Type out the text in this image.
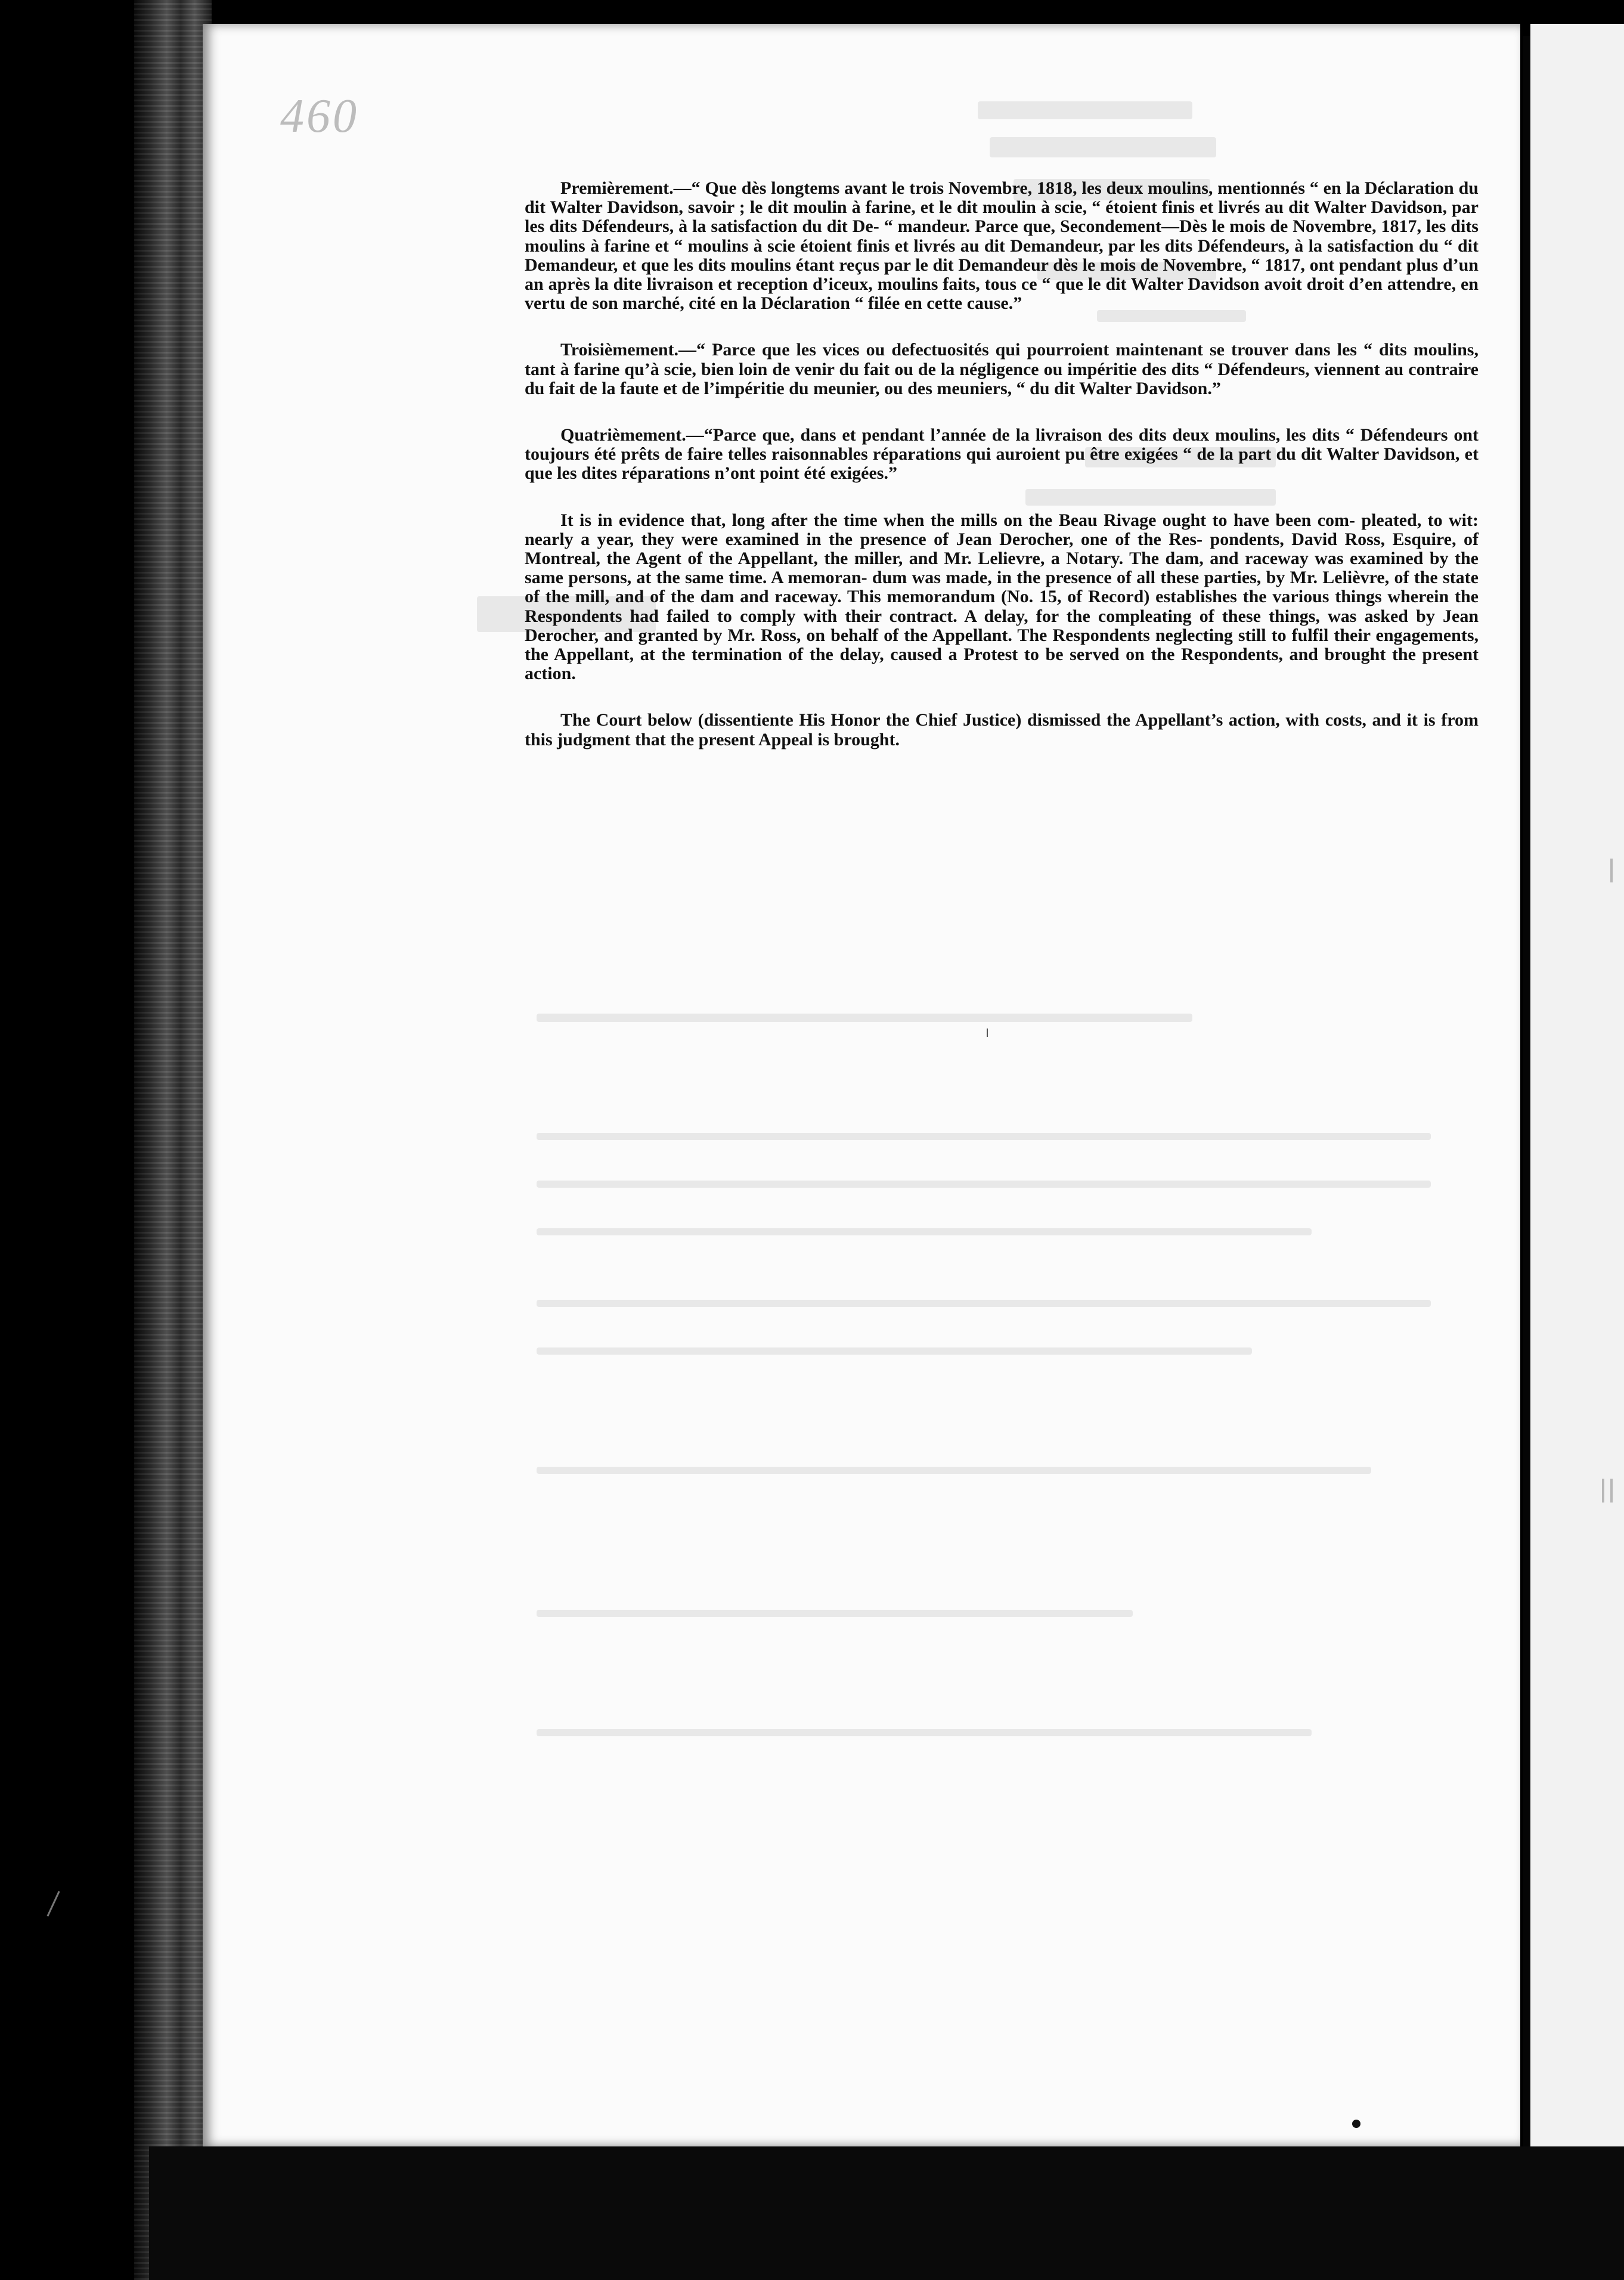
460

Premièrement.—“ Que dès longtems avant le trois Novembre, 1818, les deux moulins, mentionnés “ en la Déclaration du dit Walter Davidson, savoir ; le dit moulin à farine, et le dit moulin à scie, “ étoient finis et livrés au dit Walter Davidson, par les dits Défendeurs, à la satisfaction du dit De- “ mandeur. Parce que, Secondement—Dès le mois de Novembre, 1817, les dits moulins à farine et “ moulins à scie étoient finis et livrés au dit Demandeur, par les dits Défendeurs, à la satisfaction du “ dit Demandeur, et que les dits moulins étant reçus par le dit Demandeur dès le mois de Novembre, “ 1817, ont pendant plus d’un an après la dite livraison et reception d’iceux, moulins faits, tous ce “ que le dit Walter Davidson avoit droit d’en attendre, en vertu de son marché, cité en la Déclaration “ filée en cette cause.”

Troisièmement.—“ Parce que les vices ou defectuosités qui pourroient maintenant se trouver dans les “ dits moulins, tant à farine qu’à scie, bien loin de venir du fait ou de la négligence ou impéritie des dits “ Défendeurs, viennent au contraire du fait de la faute et de l’impéritie du meunier, ou des meuniers, “ du dit Walter Davidson.”

Quatrièmement.—“Parce que, dans et pendant l’année de la livraison des dits deux moulins, les dits “ Défendeurs ont toujours été prêts de faire telles raisonnables réparations qui auroient pu être exigées “ de la part du dit Walter Davidson, et que les dites réparations n’ont point été exigées.”

It is in evidence that, long after the time when the mills on the Beau Rivage ought to have been com- pleated, to wit: nearly a year, they were examined in the presence of Jean Derocher, one of the Res- pondents, David Ross, Esquire, of Montreal, the Agent of the Appellant, the miller, and Mr. Lelievre, a Notary. The dam, and raceway was examined by the same persons, at the same time. A memoran- dum was made, in the presence of all these parties, by Mr. Lelièvre, of the state of the mill, and of the dam and raceway. This memorandum (No. 15, of Record) establishes the various things wherein the Respondents had failed to comply with their contract. A delay, for the compleating of these things, was asked by Jean Derocher, and granted by Mr. Ross, on behalf of the Appellant. The Respondents neglecting still to fulfil their engagements, the Appellant, at the termination of the delay, caused a Protest to be served on the Respondents, and brought the present action.

The Court below (dissentiente His Honor the Chief Justice) dismissed the Appellant’s action, with costs, and it is from this judgment that the present Appeal is brought.
